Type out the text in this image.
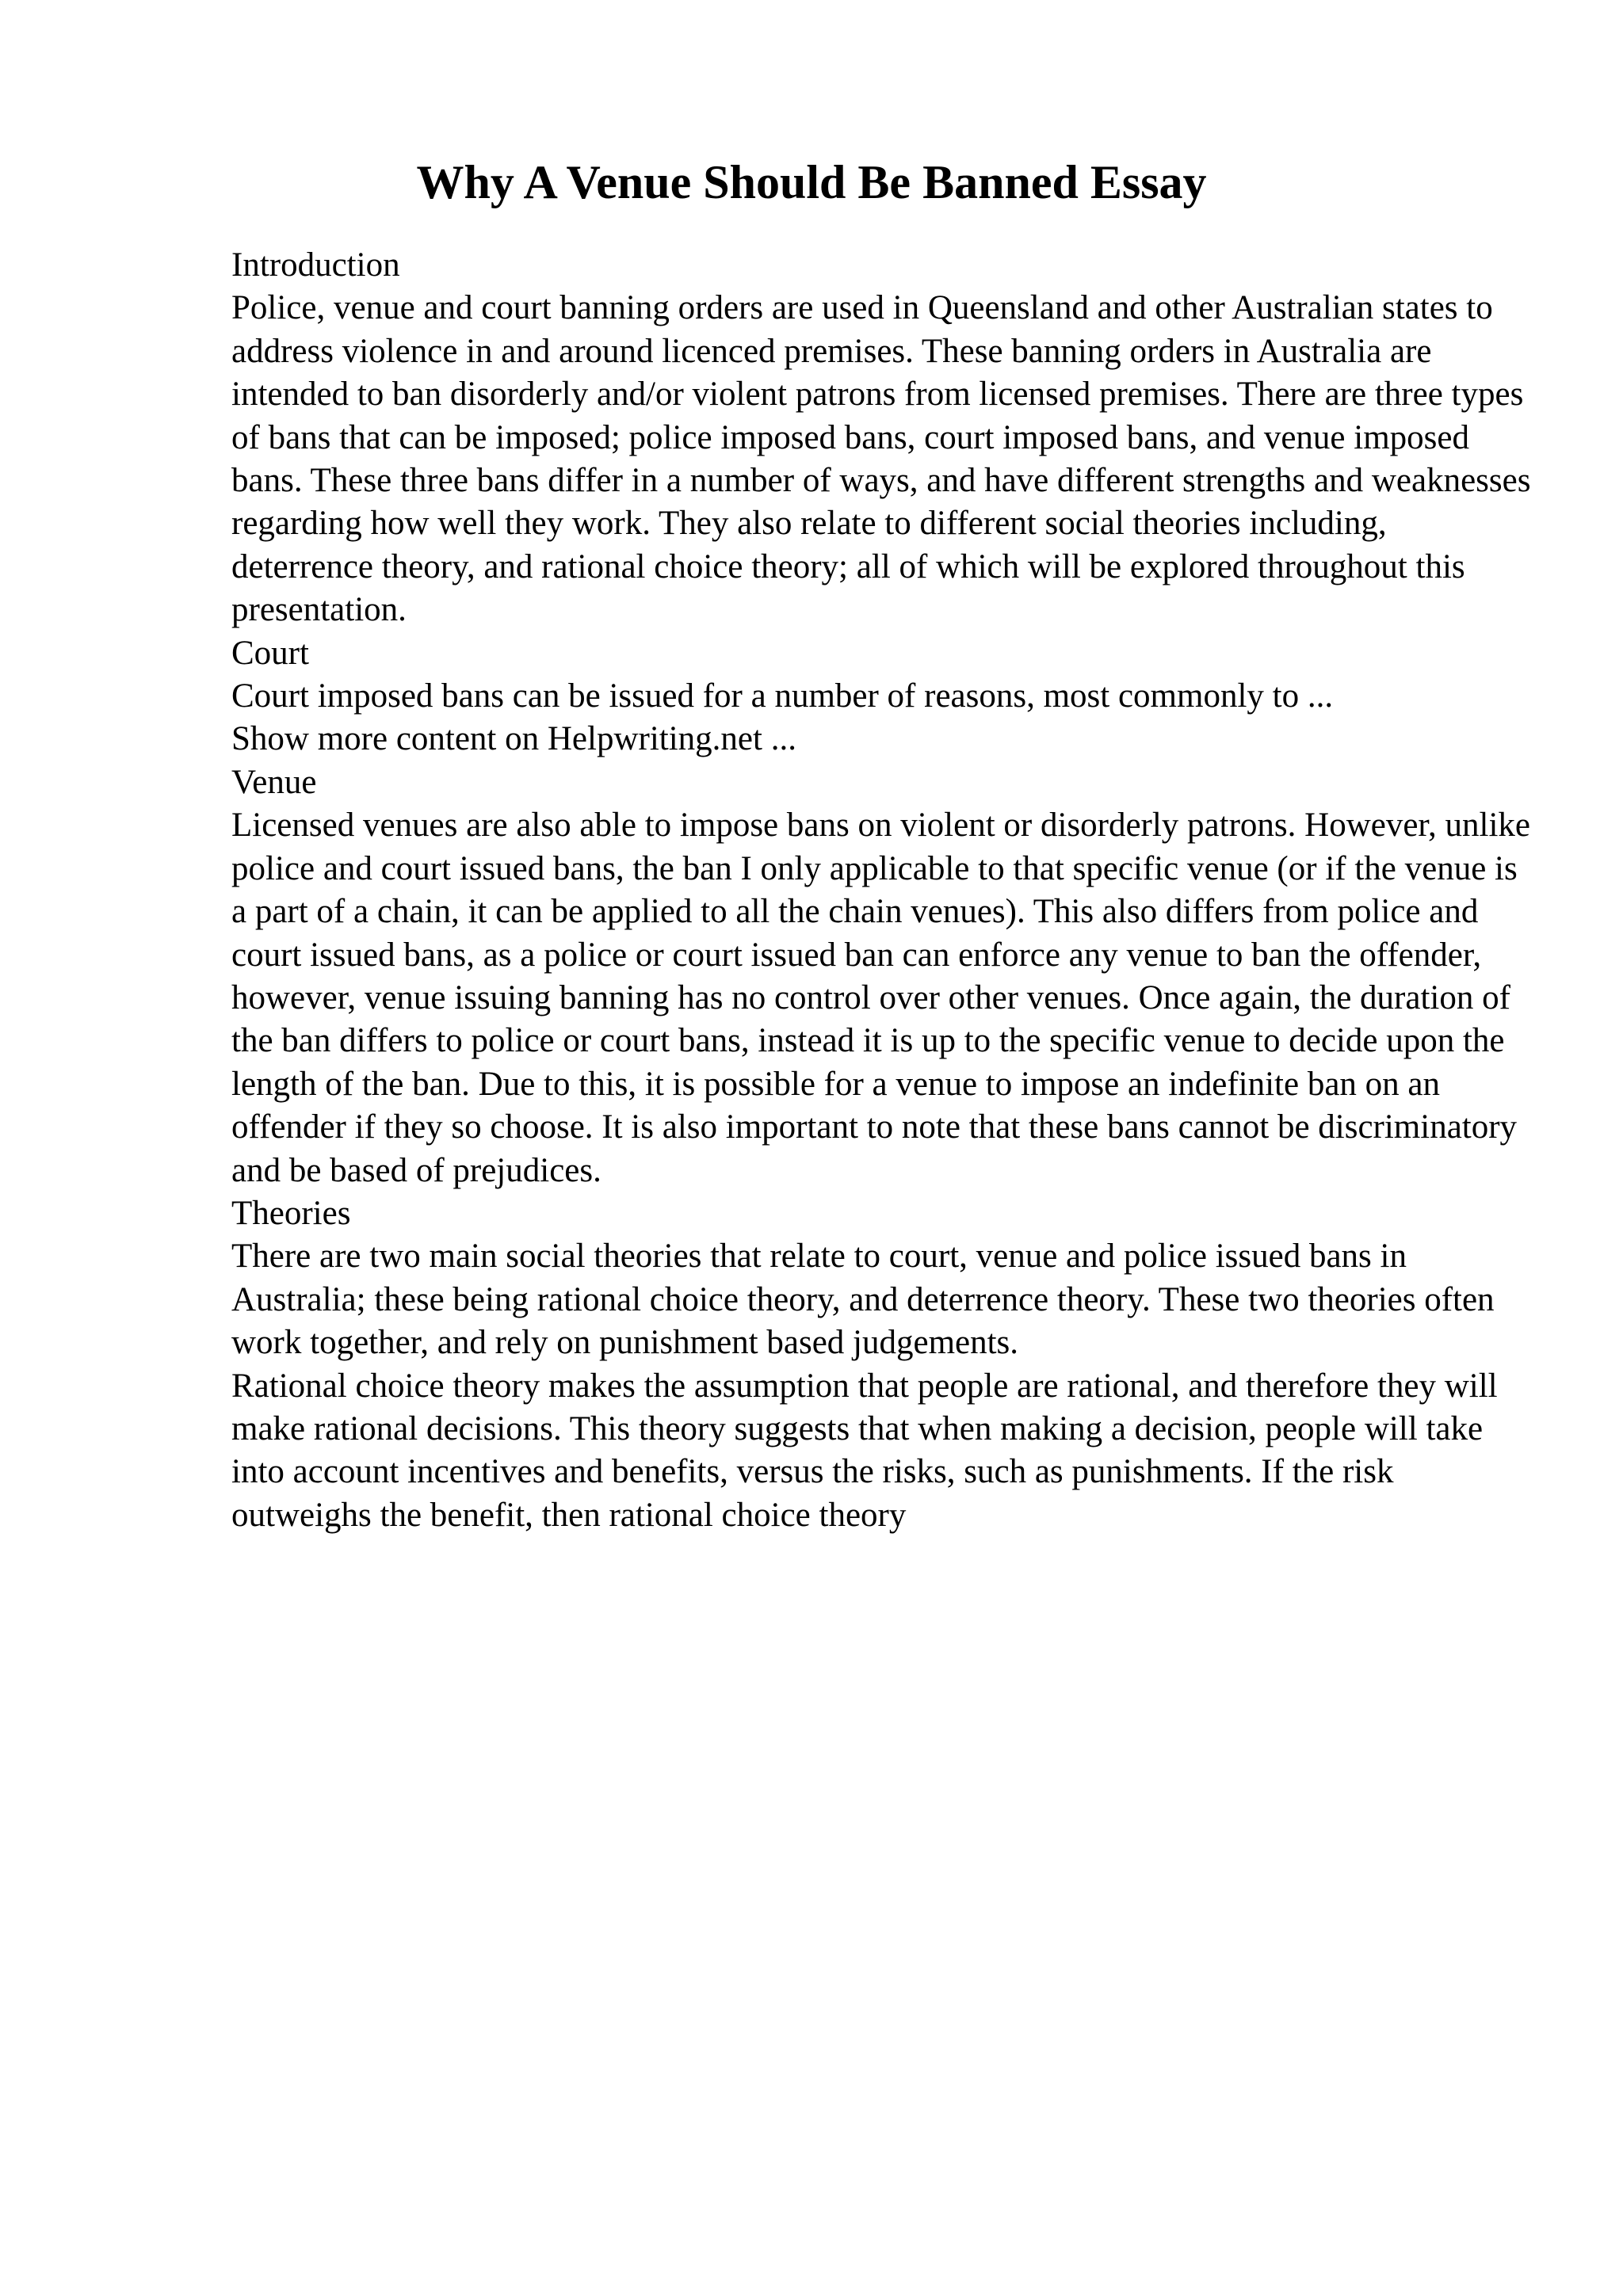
Why A Venue Should Be Banned Essay
Introduction

Police, venue and court banning orders are used in Queensland and other Australian states to address violence in and around licenced premises. These banning orders in Australia are intended to ban disorderly and/or violent patrons from licensed premises. There are three types of bans that can be imposed; police imposed bans, court imposed bans, and venue imposed bans. These three bans differ in a number of ways, and have different strengths and weaknesses regarding how well they work. They also relate to different social theories including, deterrence theory, and rational choice theory; all of which will be explored throughout this presentation.

Court

Court imposed bans can be issued for a number of reasons, most commonly to ...

Show more content on Helpwriting.net ...

Venue

Licensed venues are also able to impose bans on violent or disorderly patrons. However, unlike police and court issued bans, the ban I only applicable to that specific venue (or if the venue is a part of a chain, it can be applied to all the chain venues). This also differs from police and court issued bans, as a police or court issued ban can enforce any venue to ban the offender, however, venue issuing banning has no control over other venues. Once again, the duration of the ban differs to police or court bans, instead it is up to the specific venue to decide upon the length of the ban. Due to this, it is possible for a venue to impose an indefinite ban on an offender if they so choose. It is also important to note that these bans cannot be discriminatory and be based of prejudices.

Theories

There are two main social theories that relate to court, venue and police issued bans in Australia; these being rational choice theory, and deterrence theory. These two theories often work together, and rely on punishment based judgements.

Rational choice theory makes the assumption that people are rational, and therefore they will make rational decisions. This theory suggests that when making a decision, people will take into account incentives and benefits, versus the risks, such as punishments. If the risk outweighs the benefit, then rational choice theory
